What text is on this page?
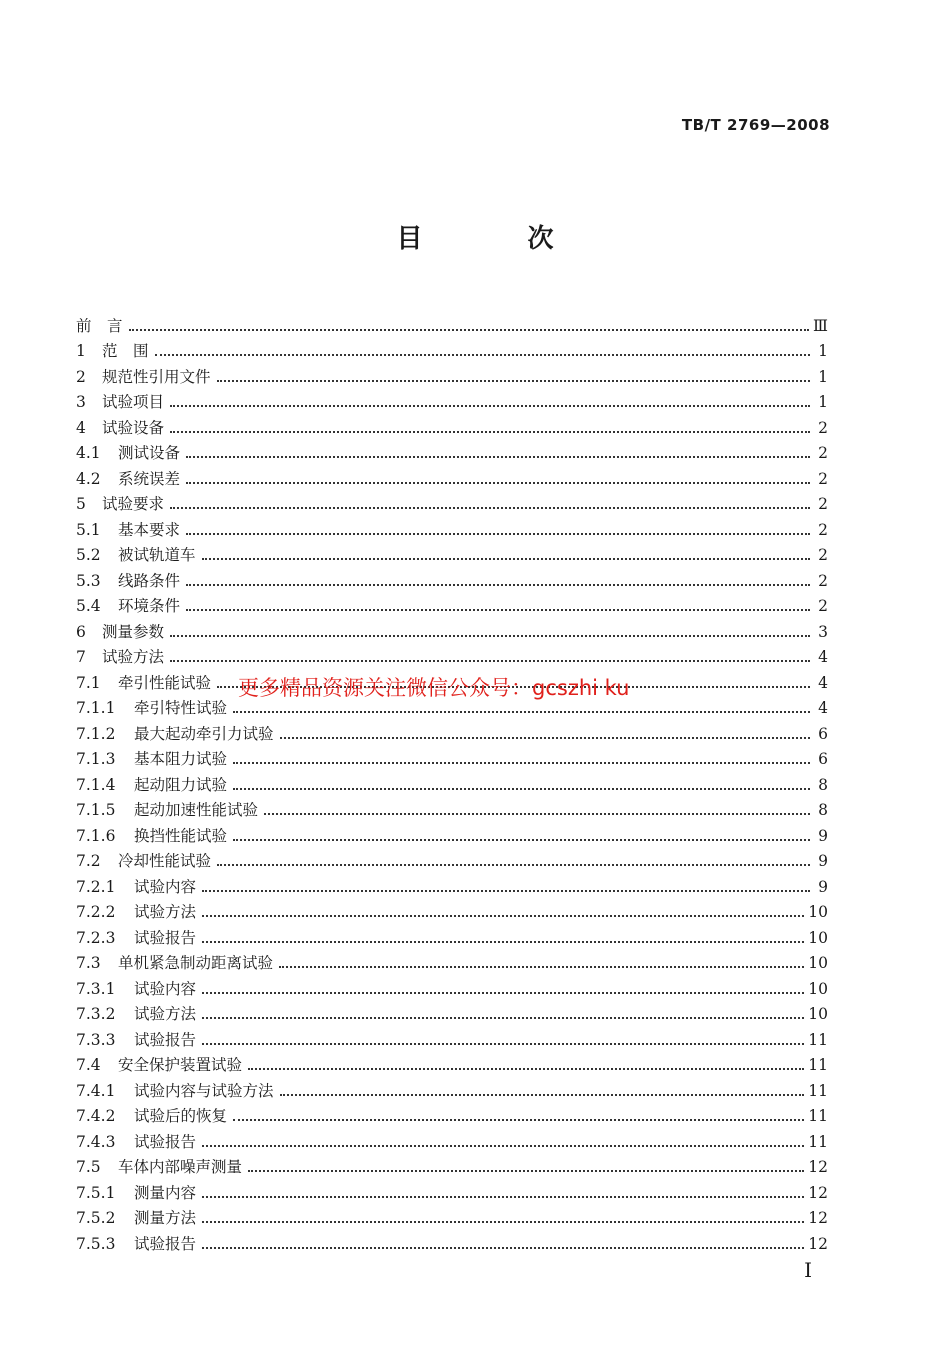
TB/T 2769—2008
目 次
前　言	Ⅲ
1	范　围	1
2	规范性引用文件	1
3	试验项目	1
4	试验设备	2
4.1	测试设备	2
4.2	系统误差	2
5	试验要求	2
5.1	基本要求	2
5.2	被试轨道车	2
5.3	线路条件	2
5.4	环境条件	2
6	测量参数	3
7	试验方法	4
7.1	牵引性能试验	4
7.1.1	牵引特性试验	4
7.1.2	最大起动牵引力试验	6
7.1.3	基本阻力试验	6
7.1.4	起动阻力试验	8
7.1.5	起动加速性能试验	8
7.1.6	换挡性能试验	9
7.2	冷却性能试验	9
7.2.1	试验内容	9
7.2.2	试验方法	10
7.2.3	试验报告	10
7.3	单机紧急制动距离试验	10
7.3.1	试验内容	10
7.3.2	试验方法	10
7.3.3	试验报告	11
7.4	安全保护装置试验	11
7.4.1	试验内容与试验方法	11
7.4.2	试验后的恢复	11
7.4.3	试验报告	11
7.5	车体内部噪声测量	12
7.5.1	测量内容	12
7.5.2	测量方法	12
7.5.3	试验报告	12
更多精品资源关注微信公众号：gcszhi ku
I
